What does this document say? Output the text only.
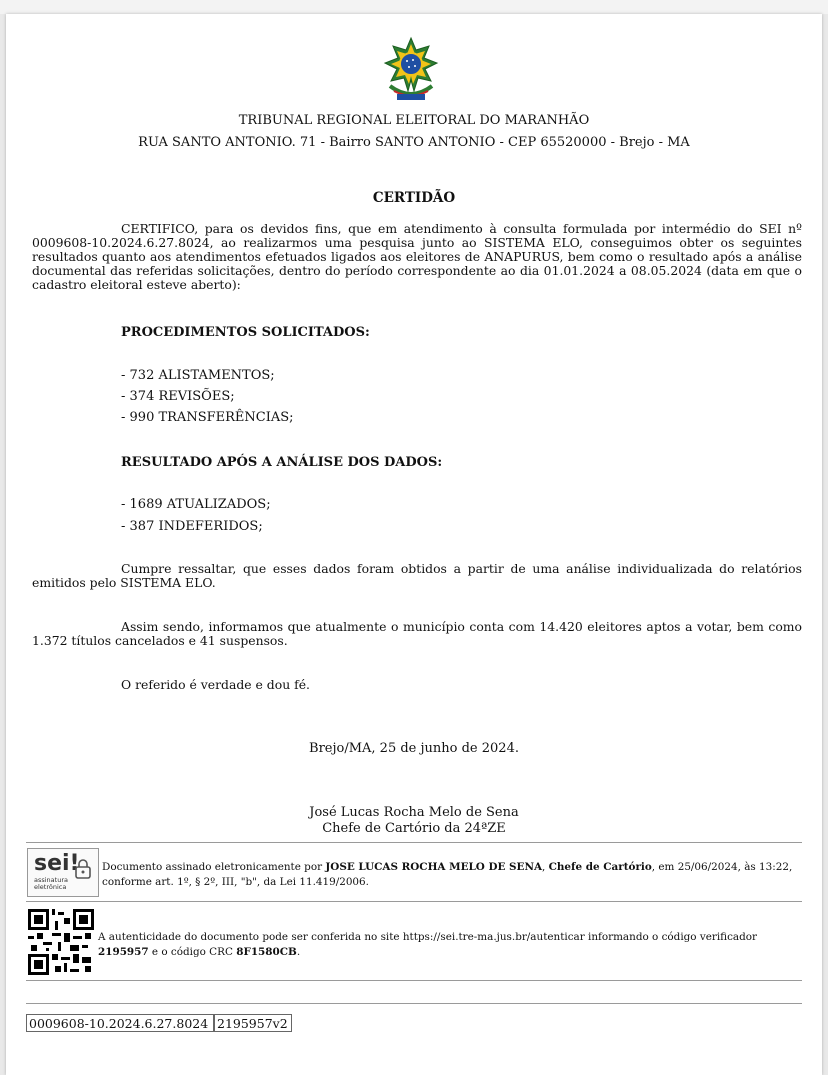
TRIBUNAL REGIONAL ELEITORAL DO MARANHÃO
RUA SANTO ANTONIO. 71 - Bairro SANTO ANTONIO - CEP 65520000 - Brejo - MA
CERTIDÃO
CERTIFICO, para os devidos fins, que em atendimento à consulta formulada por intermédio do SEI nº 0009608-10.2024.6.27.8024, ao realizarmos uma pesquisa junto ao SISTEMA ELO, conseguimos obter os seguintes resultados quanto aos atendimentos efetuados ligados aos eleitores de ANAPURUS, bem como o resultado após a análise documental das referidas solicitações, dentro do período correspondente ao dia 01.01.2024 a 08.05.2024 (data em que o cadastro eleitoral esteve aberto):
PROCEDIMENTOS SOLICITADOS:
- 732 ALISTAMENTOS;
- 374 REVISÕES;
- 990 TRANSFERÊNCIAS;
RESULTADO APÓS A ANÁLISE DOS DADOS:
- 1689 ATUALIZADOS;
- 387 INDEFERIDOS;
Cumpre ressaltar, que esses dados foram obtidos a partir de uma análise individualizada do relatórios emitidos pelo SISTEMA ELO.
Assim sendo, informamos que atualmente o município conta com 14.420 eleitores aptos a votar, bem como 1.372 títulos cancelados e 41 suspensos.
O referido é verdade e dou fé.
Brejo/MA, 25 de junho de 2024.
José Lucas Rocha Melo de Sena
Chefe de Cartório da 24ªZE
sei!
assinatura
eletrônica
Documento assinado eletronicamente por JOSE LUCAS ROCHA MELO DE SENA, Chefe de Cartório, em 25/06/2024, às 13:22,
conforme art. 1º, § 2º, III, "b", da Lei 11.419/2006.
A autenticidade do documento pode ser conferida no site https://sei.tre-ma.jus.br/autenticar informando o código verificador
2195957 e o código CRC 8F1580CB.
0009608-10.2024.6.27.8024 2195957v2
